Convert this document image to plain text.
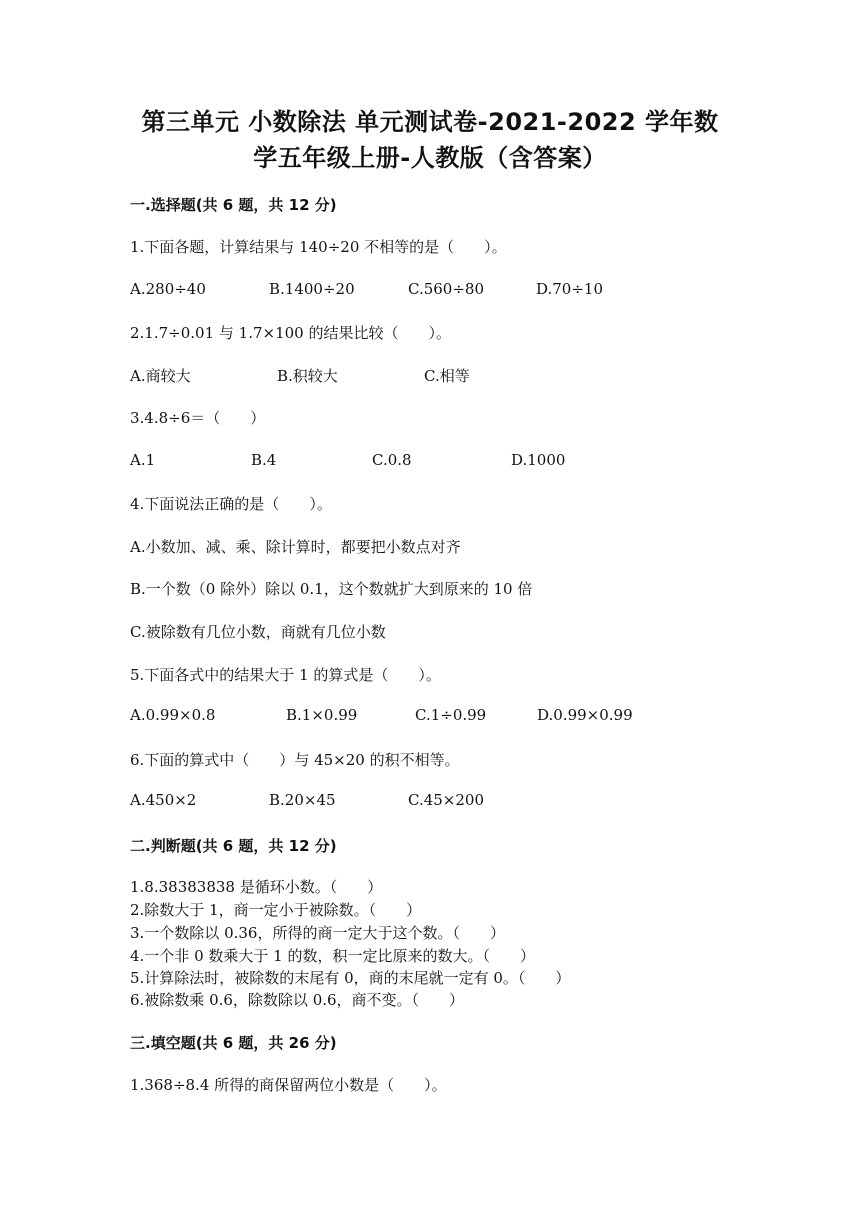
第三单元 小数除法 单元测试卷-2021-2022 学年数
学五年级上册-人教版（含答案）
一.选择题(共 6 题，共 12 分)
1.下面各题，计算结果与 140÷20 不相等的是（　　）。
A.280÷40	B.1400÷20	C.560÷80	D.70÷10
2.1.7÷0.01 与 1.7×100 的结果比较（　　）。
A.商较大	B.积较大	C.相等
3.4.8÷6＝（　　）
A.1	B.4	C.0.8	D.1000
4.下面说法正确的是（　　）。
A.小数加、减、乘、除计算时，都要把小数点对齐
B.一个数（0 除外）除以 0.1，这个数就扩大到原来的 10 倍
C.被除数有几位小数，商就有几位小数
5.下面各式中的结果大于 1 的算式是（　　）。
A.0.99×0.8	B.1×0.99	C.1÷0.99	D.0.99×0.99
6.下面的算式中（　　）与 45×20 的积不相等。
A.450×2	B.20×45	C.45×200
二.判断题(共 6 题，共 12 分)
1.8.38383838 是循环小数。（　　）
2.除数大于 1，商一定小于被除数。（　　）
3.一个数除以 0.36，所得的商一定大于这个数。（　　）
4.一个非 0 数乘大于 1 的数，积一定比原来的数大。（　　）
5.计算除法时，被除数的末尾有 0，商的末尾就一定有 0。（　　）
6.被除数乘 0.6，除数除以 0.6，商不变。（　　）
三.填空题(共 6 题，共 26 分)
1.368÷8.4 所得的商保留两位小数是（　　）。
